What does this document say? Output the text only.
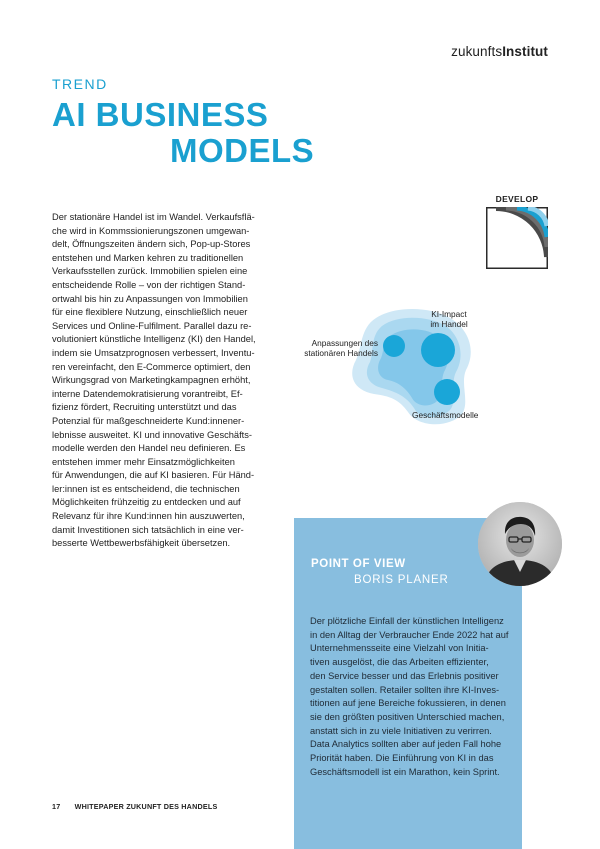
zukunftsInstitut
TREND
AI BUSINESS
MODELS
Der stationäre Handel ist im Wandel. Verkaufsflä-
che wird in Kommssionierungszonen umgewan-
delt, Öffnungszeiten ändern sich, Pop-up-Stores
entstehen und Marken kehren zu traditionellen
Verkaufsstellen zurück. Immobilien spielen eine
entscheidende Rolle – von der richtigen Stand-
ortwahl bis hin zu Anpassungen von Immobilien
für eine flexiblere Nutzung, einschließlich neuer
Services und Online-Fulfilment. Parallel dazu re-
volutioniert künstliche Intelligenz (KI) den Handel,
indem sie Umsatzprognosen verbessert, Inventu-
ren vereinfacht, den E-Commerce optimiert, den
Wirkungsgrad von Marketingkampagnen erhöht,
interne Datendemokratisierung vorantreibt, Ef-
fizienz fördert, Recruiting unterstützt und das
Potenzial für maßgeschneiderte Kund:innener-
lebnisse ausweitet. KI und innovative Geschäfts-
modelle werden den Handel neu definieren. Es
entstehen immer mehr Einsatzmöglichkeiten
für Anwendungen, die auf KI basieren. Für Händ-
ler:innen ist es entscheidend, die technischen
Möglichkeiten frühzeitig zu entdecken und auf
Relevanz für ihre Kund:innen hin auszuwerten,
damit Investitionen sich tatsächlich in eine ver-
besserte Wettbewerbsfähigkeit übersetzen.
DEVELOP
KI-Impact
im Handel
Anpassungen des
stationären Handels
Geschäftsmodelle
POINT OF VIEW
BORIS PLANER
Der plötzliche Einfall der künstlichen Intelligenz
in den Alltag der Verbraucher Ende 2022 hat auf
Unternehmensseite eine Vielzahl von Initia-
tiven ausgelöst, die das Arbeiten effizienter,
den Service besser und das Erlebnis positiver
gestalten sollen. Retailer sollten ihre KI-Inves-
titionen auf jene Bereiche fokussieren, in denen
sie den größten positiven Unterschied machen,
anstatt sich in zu viele Initiativen zu verirren.
Data Analytics sollten aber auf jeden Fall hohe
Priorität haben. Die Einführung von KI in das
Geschäftsmodell ist ein Marathon, kein Sprint.
17 WHITEPAPER ZUKUNFT DES HANDELS
